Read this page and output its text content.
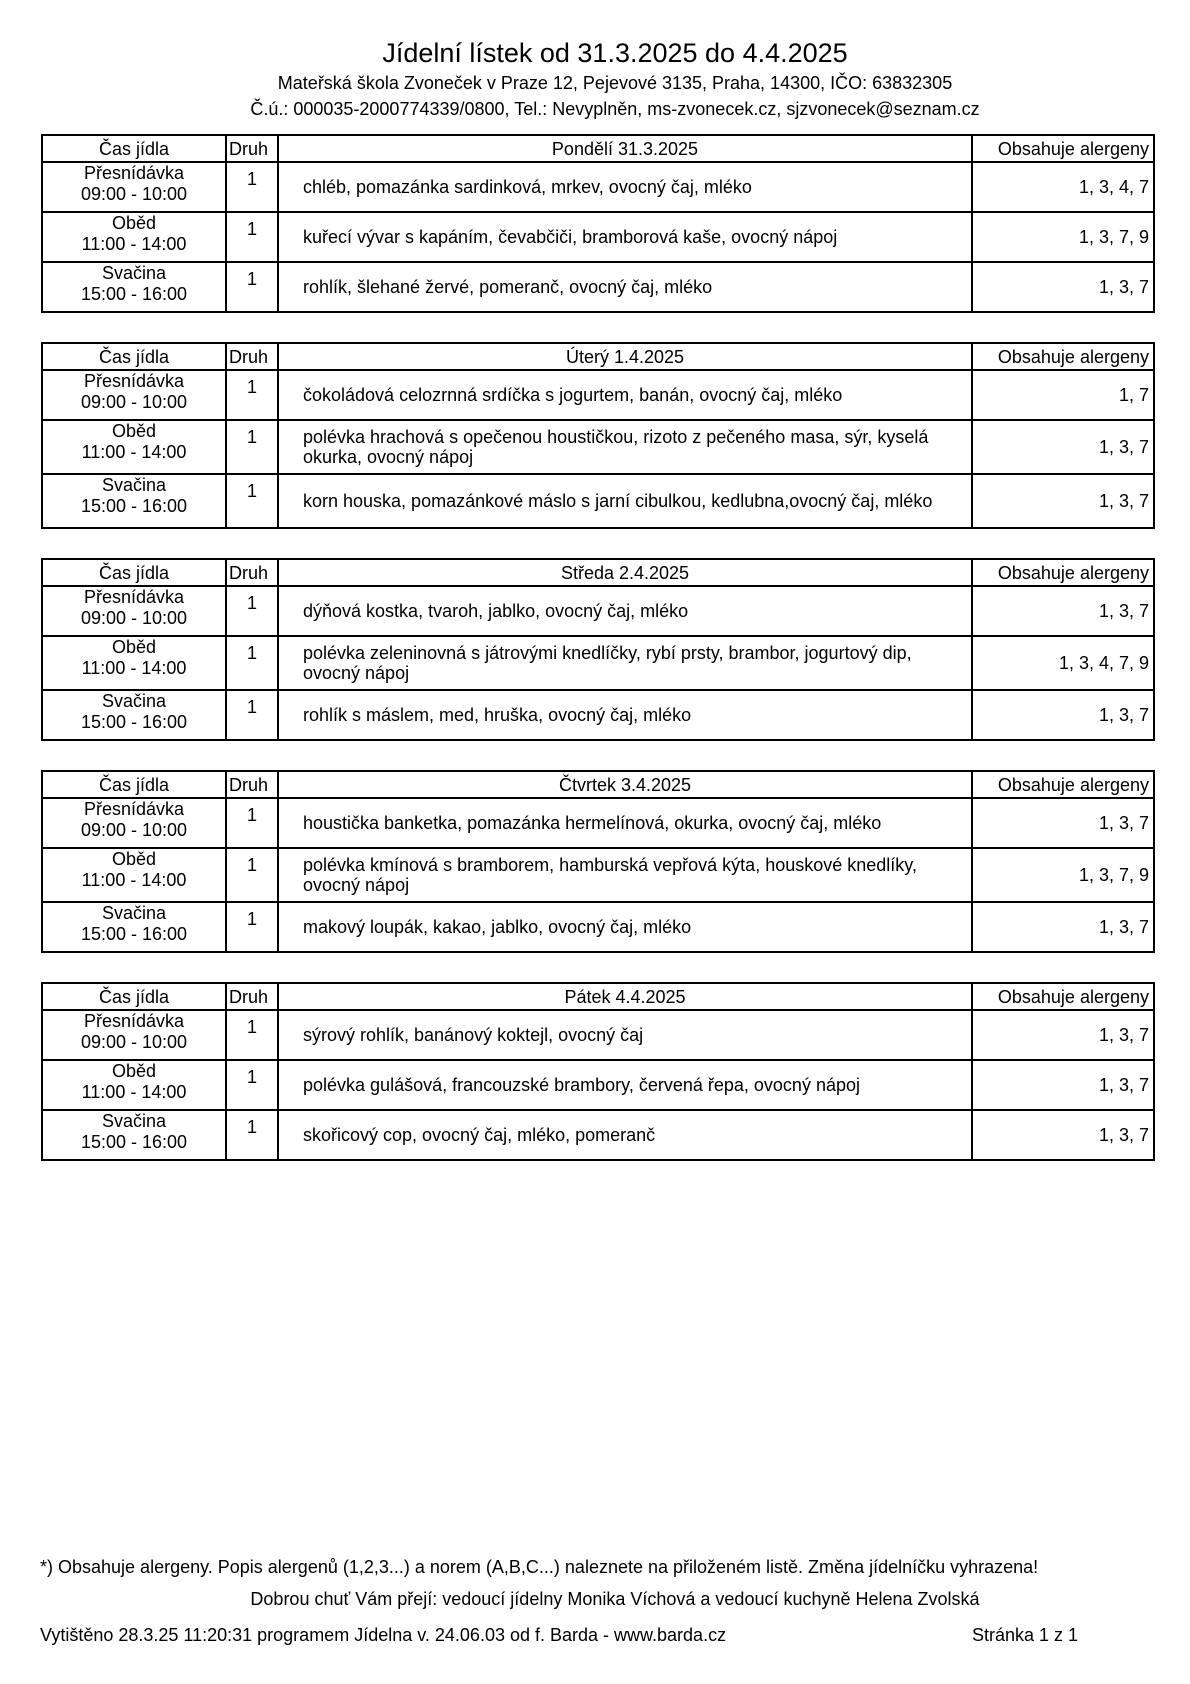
Jídelní lístek od 31.3.2025 do 4.4.2025

Mateřská škola Zvoneček v Praze 12, Pejevové 3135, Praha, 14300, IČO: 63832305

Č.ú.: 000035-2000774339/0800, Tel.: Nevyplněn, ms-zvonecek.cz, sjzvonecek@seznam.cz

Čas jídla	Druh	Pondělí 31.3.2025	Obsahuje alergeny

Přesnídávka
09:00 - 10:00	1	chléb, pomazánka sardinková, mrkev, ovocný čaj, mléko	1, 3, 4, 7

Oběd
11:00 - 14:00	1	kuřecí vývar s kapáním, čevabčiči, bramborová kaše, ovocný nápoj	1, 3, 7, 9

Svačina
15:00 - 16:00	1	rohlík, šlehané žervé, pomeranč, ovocný čaj, mléko	1, 3, 7
Čas jídla	Druh	Úterý 1.4.2025	Obsahuje alergeny

Přesnídávka
09:00 - 10:00	1	čokoládová celozrnná srdíčka s jogurtem, banán, ovocný čaj, mléko	1, 7

Oběd
11:00 - 14:00	1	polévka hrachová s opečenou houstičkou, rizoto z pečeného masa, sýr, kyselá okurka, ovocný nápoj	1, 3, 7

Svačina
15:00 - 16:00	1	korn houska, pomazánkové máslo s jarní cibulkou, kedlubna,ovocný čaj, mléko	1, 3, 7
Čas jídla	Druh	Středa 2.4.2025	Obsahuje alergeny

Přesnídávka
09:00 - 10:00	1	dýňová kostka, tvaroh, jablko, ovocný čaj, mléko	1, 3, 7

Oběd
11:00 - 14:00	1	polévka zeleninovná s játrovými knedlíčky, rybí prsty, brambor, jogurtový dip, ovocný nápoj	1, 3, 4, 7, 9

Svačina
15:00 - 16:00	1	rohlík s máslem, med, hruška, ovocný čaj, mléko	1, 3, 7
Čas jídla	Druh	Čtvrtek 3.4.2025	Obsahuje alergeny

Přesnídávka
09:00 - 10:00	1	houstička banketka, pomazánka hermelínová, okurka, ovocný čaj, mléko	1, 3, 7

Oběd
11:00 - 14:00	1	polévka kmínová s bramborem, hamburská vepřová kýta, houskové knedlíky, ovocný nápoj	1, 3, 7, 9

Svačina
15:00 - 16:00	1	makový loupák, kakao, jablko, ovocný čaj, mléko	1, 3, 7
Čas jídla	Druh	Pátek 4.4.2025	Obsahuje alergeny

Přesnídávka
09:00 - 10:00	1	sýrový rohlík, banánový koktejl, ovocný čaj	1, 3, 7

Oběd
11:00 - 14:00	1	polévka gulášová, francouzské brambory, červená řepa, ovocný nápoj	1, 3, 7

Svačina
15:00 - 16:00	1	skořicový cop, ovocný čaj, mléko, pomeranč	1, 3, 7
*) Obsahuje alergeny. Popis alergenů (1,2,3...) a norem (A,B,C...) naleznete na přiloženém listě. Změna jídelníčku vyhrazena!
Dobrou chuť Vám přejí: vedoucí jídelny Monika Víchová a vedoucí kuchyně Helena Zvolská
Vytištěno 28.3.25 11:20:31 programem Jídelna v. 24.06.03 od f. Barda - www.barda.cz	Stránka 1 z 1
